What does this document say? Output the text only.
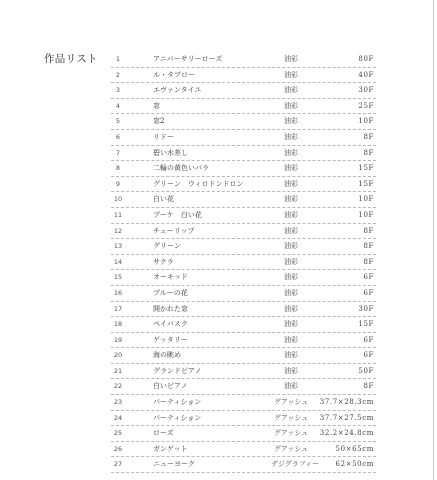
作品リスト	1	アニバーサリーローズ	油彩	80F
2	ル・タブロー	油彩	40F
3	エヴァンタイユ	油彩	30F
4	窓	油彩	25F
5	窓2	油彩	10F
6	リドー	油彩	8F
7	碧い水差し	油彩	8F
8	二輪の黄色いバラ	油彩	15F
9	グリーン　ウィロドンドロン	油彩	15F
10	白い花	油彩	10F
11	ブーケ　白い花	油彩	10F
12	チューリップ	油彩	8F
13	グリーン	油彩	8F
14	サクラ	油彩	8F
15	オーキッド	油彩	6F
16	ブルーの花	油彩	6F
17	開かれた窓	油彩	30F
18	ペイバスク	油彩	15F
19	ゲッタリー	油彩	6F
20	海の眺め	油彩	6F
21	グランドピアノ	油彩	50F
22	白いピアノ	油彩	8F
23	パーティション	グアッシュ	37.7×28.3cm
24	パーティション	グアッシュ	37.7×27.5cm
25	ローズ	グアッシュ	32.2×24.8cm
26	ガンゲット	グアッシュ	50×65cm
27	ニューヨーク	デジグラフィー 62×50cm
